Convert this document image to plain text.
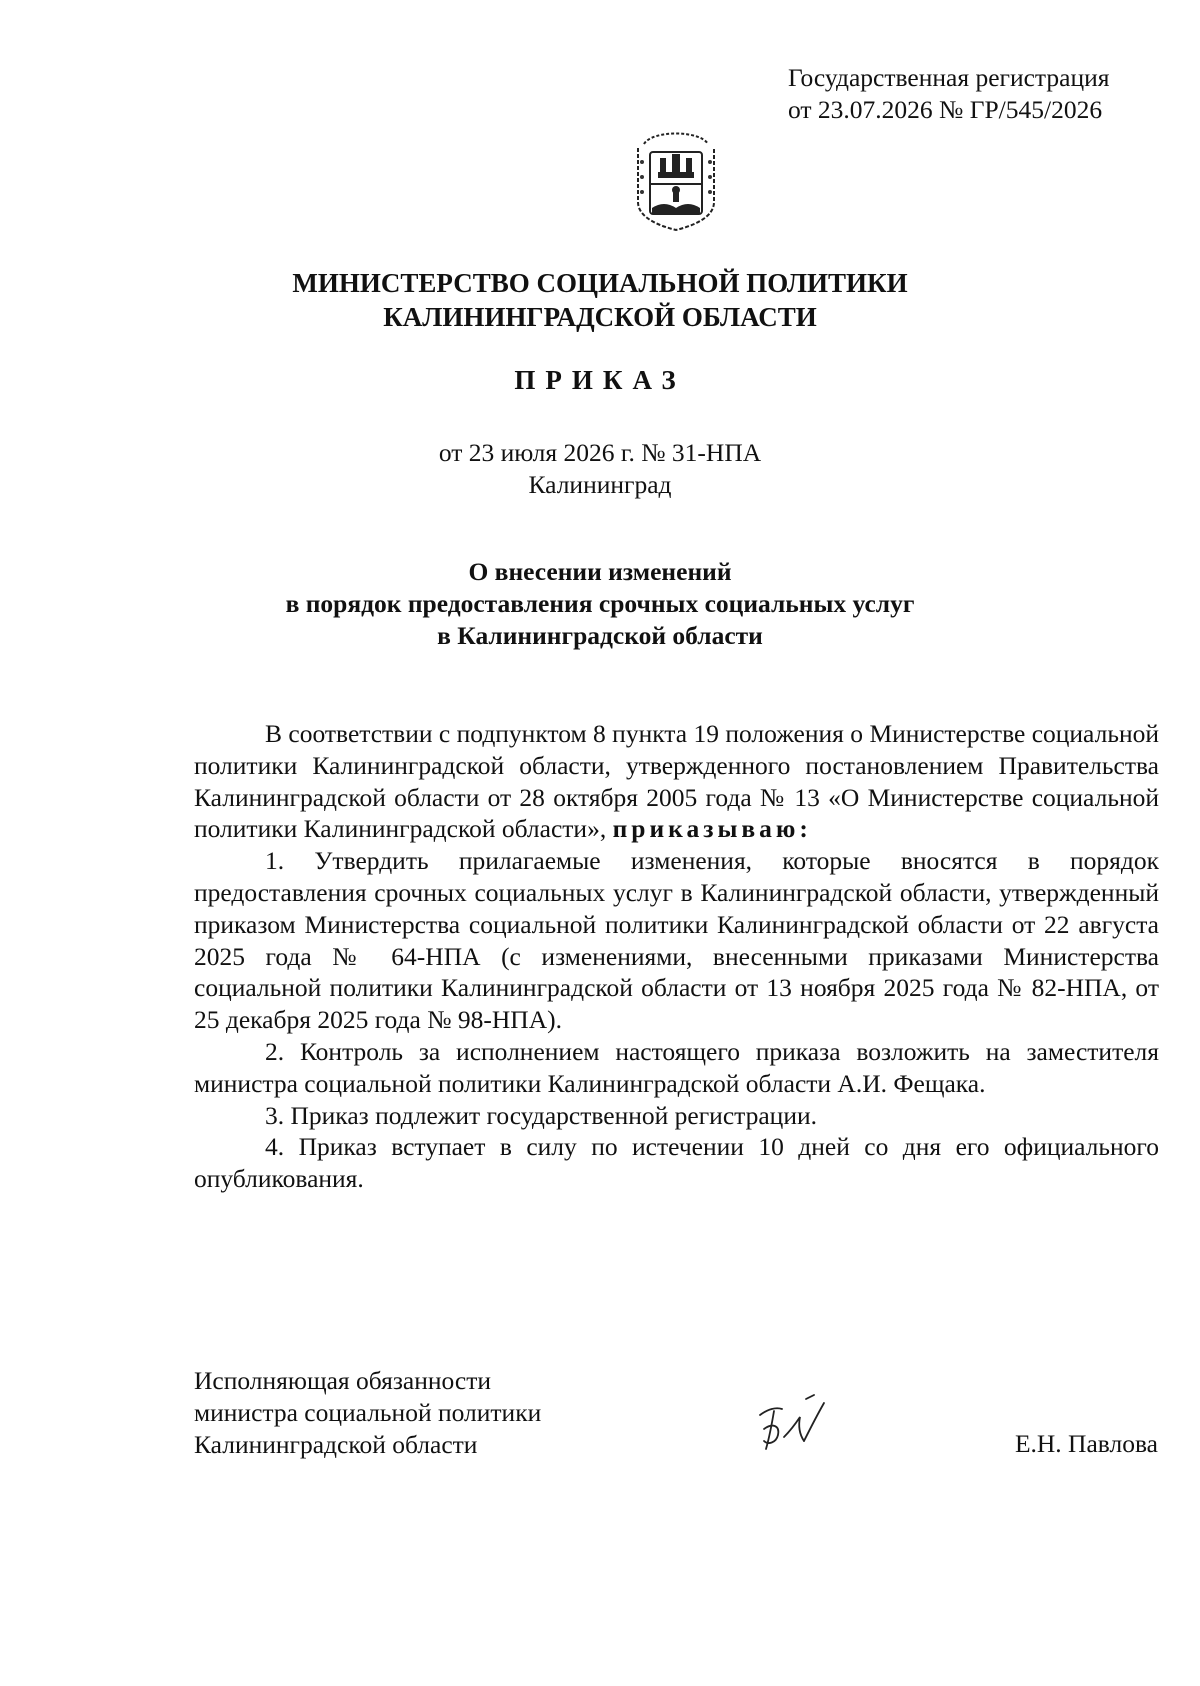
Государственная регистрация
от 23.07.2026 № ГР/545/2026
МИНИСТЕРСТВО СОЦИАЛЬНОЙ ПОЛИТИКИ
КАЛИНИНГРАДСКОЙ ОБЛАСТИ
ПРИКАЗ
от 23 июля 2026 г. № 31-НПА
Калининград
О внесении изменений
в порядок предоставления срочных социальных услуг
в Калининградской области

В соответствии с подпунктом 8 пункта 19 положения о Министерстве социальной политики Калининградской области, утвержденного постановлением Правительства Калининградской области от 28 октября 2005 года № 13 «О Министерстве социальной политики Калининградской области», приказываю:

1. Утвердить прилагаемые изменения, которые вносятся в порядок предоставления срочных социальных услуг в Калининградской области, утвержденный приказом Министерства социальной политики Калининградской области от 22 августа 2025 года № 64-НПА (с изменениями, внесенными приказами Министерства социальной политики Калининградской области от 13 ноября 2025 года № 82-НПА, от 25 декабря 2025 года № 98-НПА).

2. Контроль за исполнением настоящего приказа возложить на заместителя министра социальной политики Калининградской области А.И. Фещака.

3. Приказ подлежит государственной регистрации.

4. Приказ вступает в силу по истечении 10 дней со дня его официального опубликования.

Исполняющая обязанности
министра социальной политики
Калининградской области	Е.Н. Павлова
